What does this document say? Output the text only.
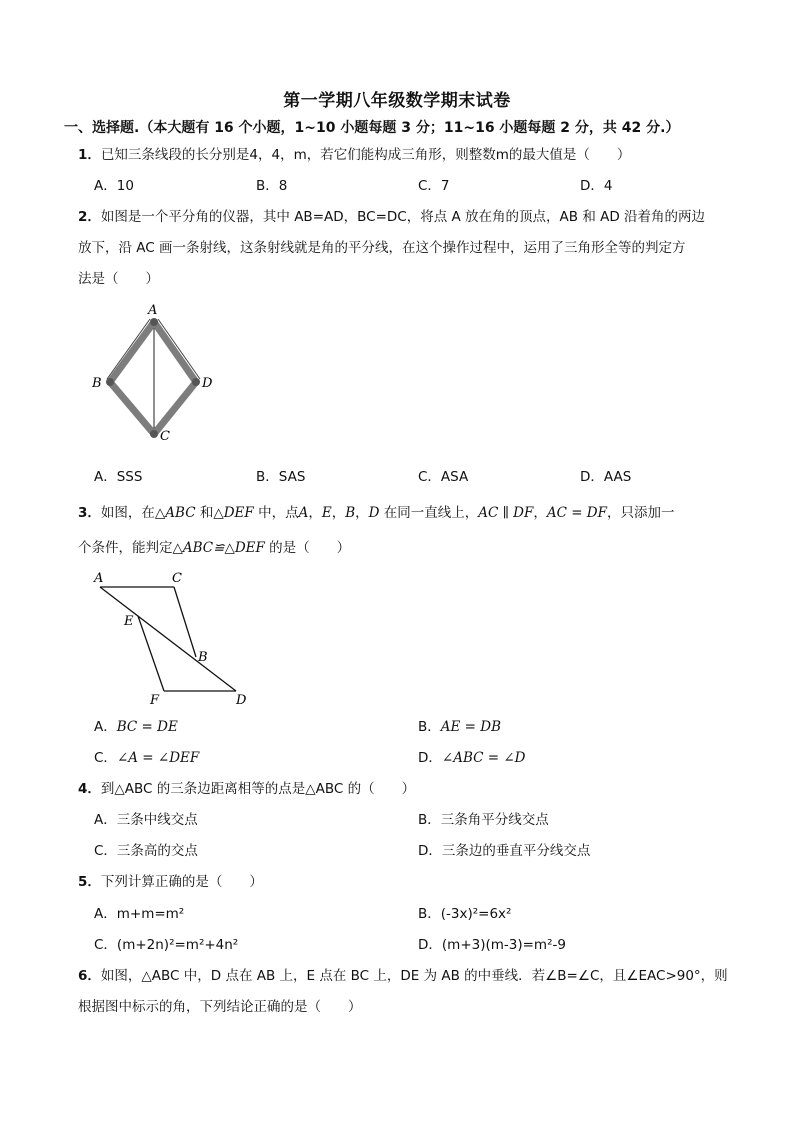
第一学期八年级数学期末试卷
一、选择题.（本大题有 16 个小题，1~10 小题每题 3 分；11~16 小题每题 2 分，共 42 分.）
1．已知三条线段的长分别是4，4，m，若它们能构成三角形，则整数m的最大值是（　　）
A．10	B．8	C．7	D．4
2．如图是一个平分角的仪器，其中 AB=AD，BC=DC，将点 A 放在角的顶点，AB 和 AD 沿着角的两边
放下，沿 AC 画一条射线，这条射线就是角的平分线，在这个操作过程中，运用了三角形全等的判定方
法是（　　）
A
B	D
C
A．SSS	B．SAS	C．ASA	D．AAS
3．如图，在△ABC 和△DEF 中，点A，E，B，D 在同一直线上，AC ∥ DF，AC = DF，只添加一
个条件，能判定△ABC≌△DEF 的是（　　）
A	C
E
B
F	D
A．BC = DE	B．AE = DB
C．∠A = ∠DEF	D．∠ABC = ∠D
4．到△ABC 的三条边距离相等的点是△ABC 的（　　）
A．三条中线交点	B．三条角平分线交点
C．三条高的交点	D．三条边的垂直平分线交点
5．下列计算正确的是（　　）
A．m+m=m²	B．(-3x)²=6x²
C．(m+2n)²=m²+4n²	D．(m+3)(m-3)=m²-9
6．如图，△ABC 中，D 点在 AB 上，E 点在 BC 上，DE 为 AB 的中垂线．若∠B=∠C，且∠EAC>90°，则
根据图中标示的角，下列结论正确的是（　　）
